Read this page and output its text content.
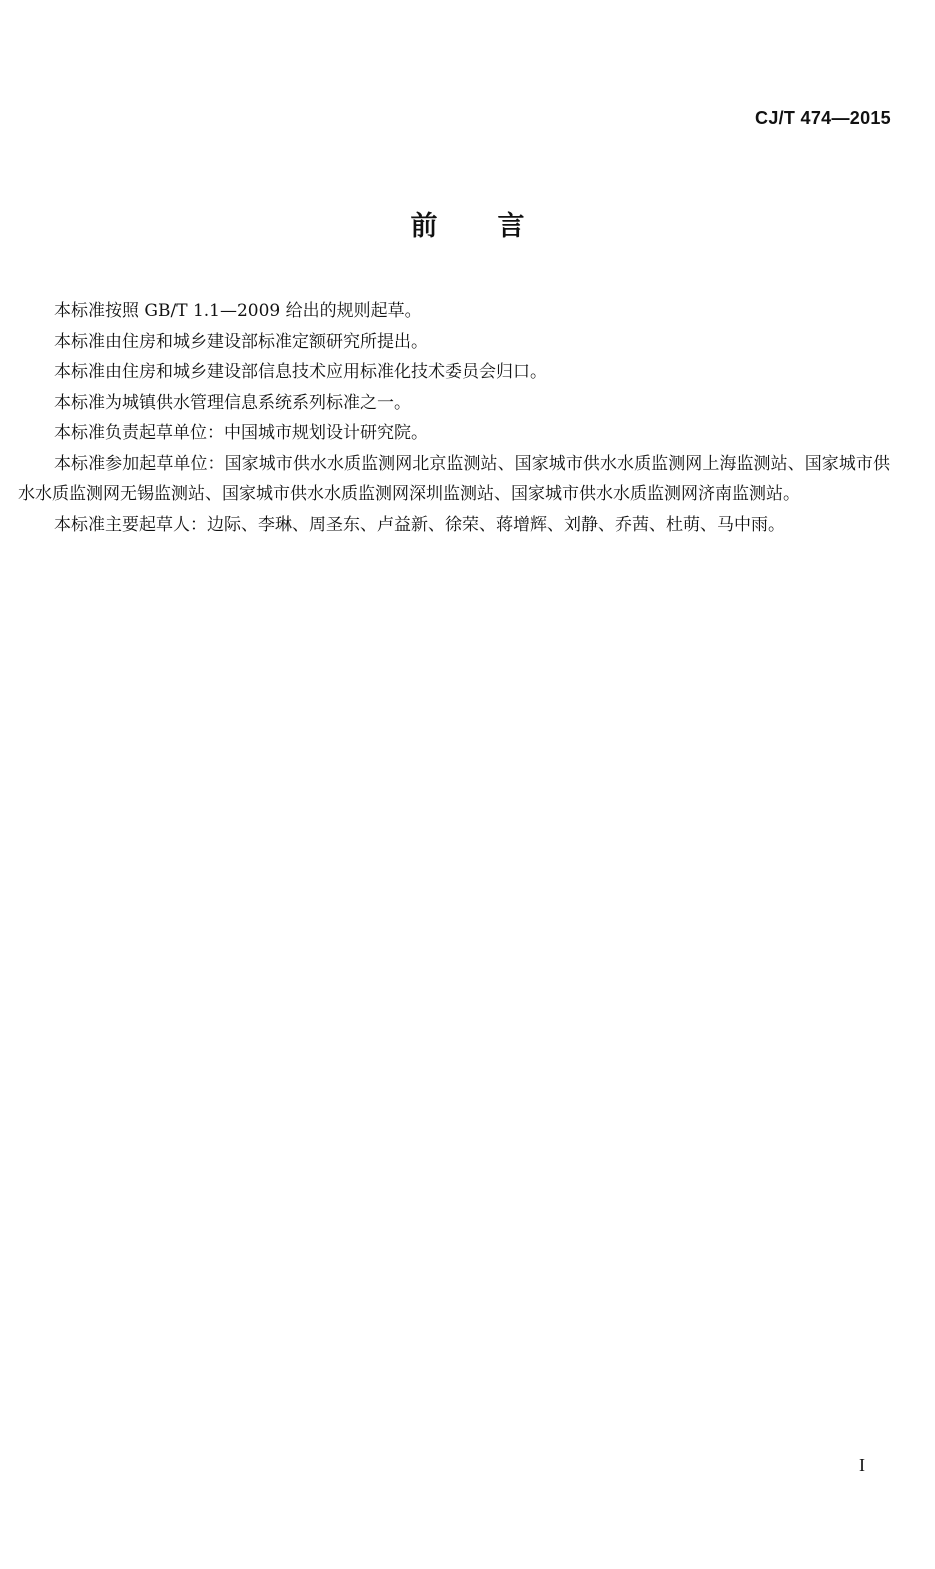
CJ/T 474—2015
前言

本标准按照 GB/T 1.1—2009 给出的规则起草。

本标准由住房和城乡建设部标准定额研究所提出。

本标准由住房和城乡建设部信息技术应用标准化技术委员会归口。

本标准为城镇供水管理信息系统系列标准之一。

本标准负责起草单位：中国城市规划设计研究院。

本标准参加起草单位：国家城市供水水质监测网北京监测站、国家城市供水水质监测网上海监测站、国家城市供水水质监测网无锡监测站、国家城市供水水质监测网深圳监测站、国家城市供水水质监测网济南监测站。

本标准主要起草人：边际、李琳、周圣东、卢益新、徐荣、蒋增辉、刘静、乔茜、杜萌、马中雨。

I
